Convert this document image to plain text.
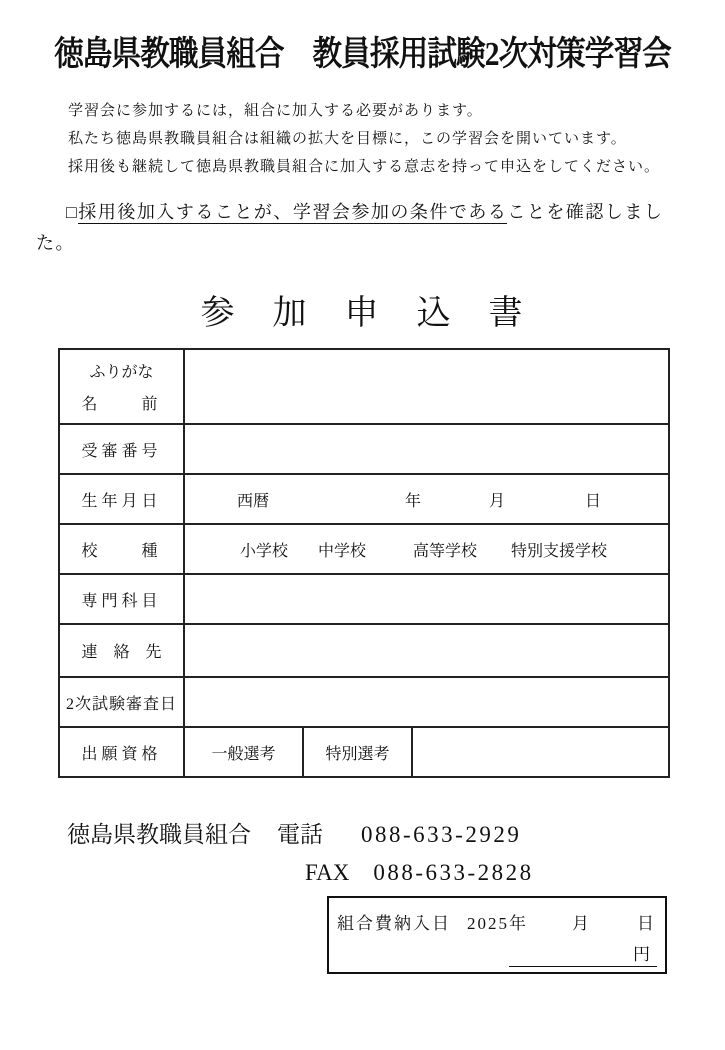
徳島県教職員組合　教員採用試験2次対策学習会
学習会に参加するには，組合に加入する必要があります。
私たち徳島県教職員組合は組織の拡大を目標に，この学習会を開いています。
採用後も継続して徳島県教職員組合に加入する意志を持って申込をしてください。

□採用後加入することが、学習会参加の条件であることを確認しました。

参　加　申　込　書
ふりがな
名　　前			

受審番号			
生年月日	西暦 年 月 日		
校　　種	小学校 中学校 高等学校 特別支援学校		
専門科目			
連　絡　先			
2次試験審査日			
出願資格	一般選考	特別選考	
徳島県教職員組合 電話 088-633-2929
FAX 088-633-2828
組合費納入日 2025年	月	日
円
